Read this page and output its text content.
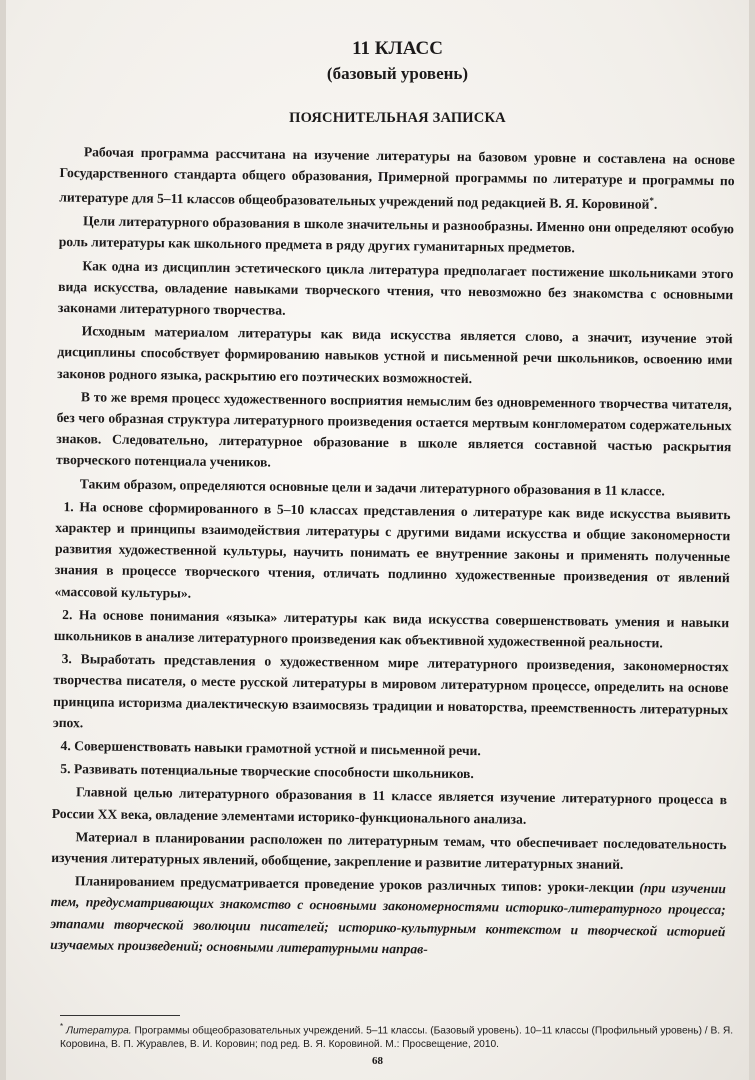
11 КЛАСС
(базовый уровень)
ПОЯСНИТЕЛЬНАЯ ЗАПИСКА

Рабочая программа рассчитана на изучение литературы на базовом уровне и составлена на основе Государственного стандарта общего образования, Примерной программы по литературе и программы по литературе для 5–11 классов общеобразовательных учреждений под редакцией В. Я. Коровиной*.

Цели литературного образования в школе значительны и разнообразны. Именно они определяют особую роль литературы как школьного предмета в ряду других гуманитарных предметов.

Как одна из дисциплин эстетического цикла литература предполагает постижение школьниками этого вида искусства, овладение навыками творческого чтения, что невозможно без знакомства с основными законами литературного творчества.

Исходным материалом литературы как вида искусства является слово, а значит, изучение этой дисциплины способствует формированию навыков устной и письменной речи школьников, освоению ими законов родного языка, раскрытию его поэтических возможностей.

В то же время процесс художественного восприятия немыслим без одновременного творчества читателя, без чего образная структура литературного произведения остается мертвым конгломератом содержательных знаков. Следовательно, литературное образование в школе является составной частью раскрытия творческого потенциала учеников.

Таким образом, определяются основные цели и задачи литературного образования в 11 классе.

1. На основе сформированного в 5–10 классах представления о литературе как виде искусства выявить характер и принципы взаимодействия литературы с другими видами искусства и общие закономерности развития художественной культуры, научить понимать ее внутренние законы и применять полученные знания в процессе творческого чтения, отличать подлинно художественные произведения от явлений «массовой культуры».

2. На основе понимания «языка» литературы как вида искусства совершенствовать умения и навыки школьников в анализе литературного произведения как объективной художественной реальности.

3. Выработать представления о художественном мире литературного произведения, закономерностях творчества писателя, о месте русской литературы в мировом литературном процессе, определить на основе принципа историзма диалектическую взаимосвязь традиции и новаторства, преемственность литературных эпох.

4. Совершенствовать навыки грамотной устной и письменной речи.

5. Развивать потенциальные творческие способности школьников.

Главной целью литературного образования в 11 классе является изучение литературного процесса в России XX века, овладение элементами историко-функционального анализа.

Материал в планировании расположен по литературным темам, что обеспечивает последовательность изучения литературных явлений, обобщение, закрепление и развитие литературных знаний.

Планированием предусматривается проведение уроков различных типов: уроки-лекции (при изучении тем, предусматривающих знакомство с основными закономерностями историко-литературного процесса; этапами творческой эволюции писателей; историко-культурным контекстом и творческой историей изучаемых произведений; основными литературными направ-

* Литература. Программы общеобразовательных учреждений. 5–11 классы. (Базовый уровень). 10–11 классы (Профильный уровень) / В. Я. Коровина, В. П. Журавлев, В. И. Коровин; под ред. В. Я. Коровиной. М.: Просвещение, 2010.
68
